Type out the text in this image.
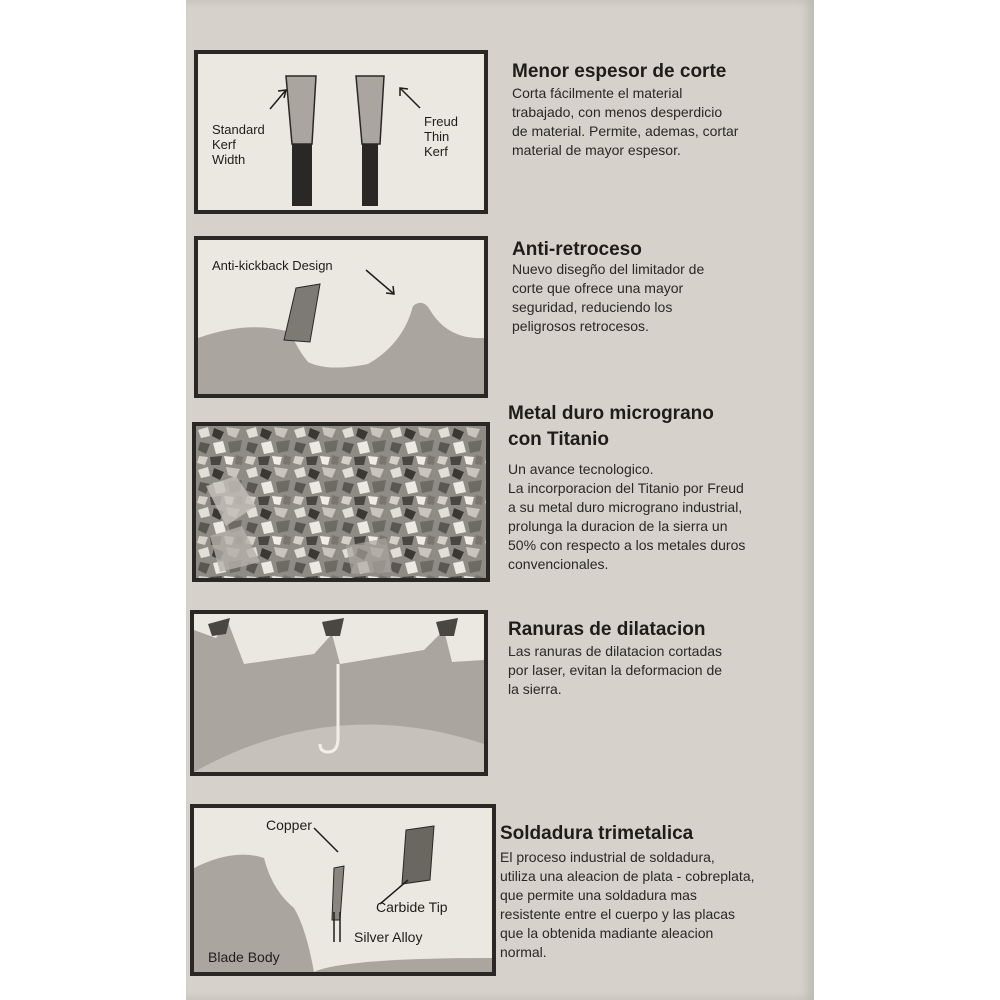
Standard
Kerf
Width
Freud
Thin
Kerf
Menor espesor de corte

Corta fácilmente el material
trabajado, con menos desperdicio
de material. Permite, ademas, cortar
material de mayor espesor.

Anti-kickback Design
Anti-retroceso

Nuevo disegño del limitador de
corte que ofrece una mayor
seguridad, reduciendo los
peligrosos retrocesos.

Metal duro micrograno
con Titanio

Un avance tecnologico.
La incorporacion del Titanio por Freud
a su metal duro micrograno industrial,
prolunga la duracion de la sierra un
50% con respecto a los metales duros
convencionales.

Ranuras de dilatacion

Las ranuras de dilatacion cortadas
por laser, evitan la deformacion de
la sierra.

Copper
Carbide Tip
Silver Alloy
Blade Body
Soldadura trimetalica

El proceso industrial de soldadura,
utiliza una aleacion de plata - cobreplata,
que permite una soldadura mas
resistente entre el cuerpo y las placas
que la obtenida madiante aleacion
normal.
